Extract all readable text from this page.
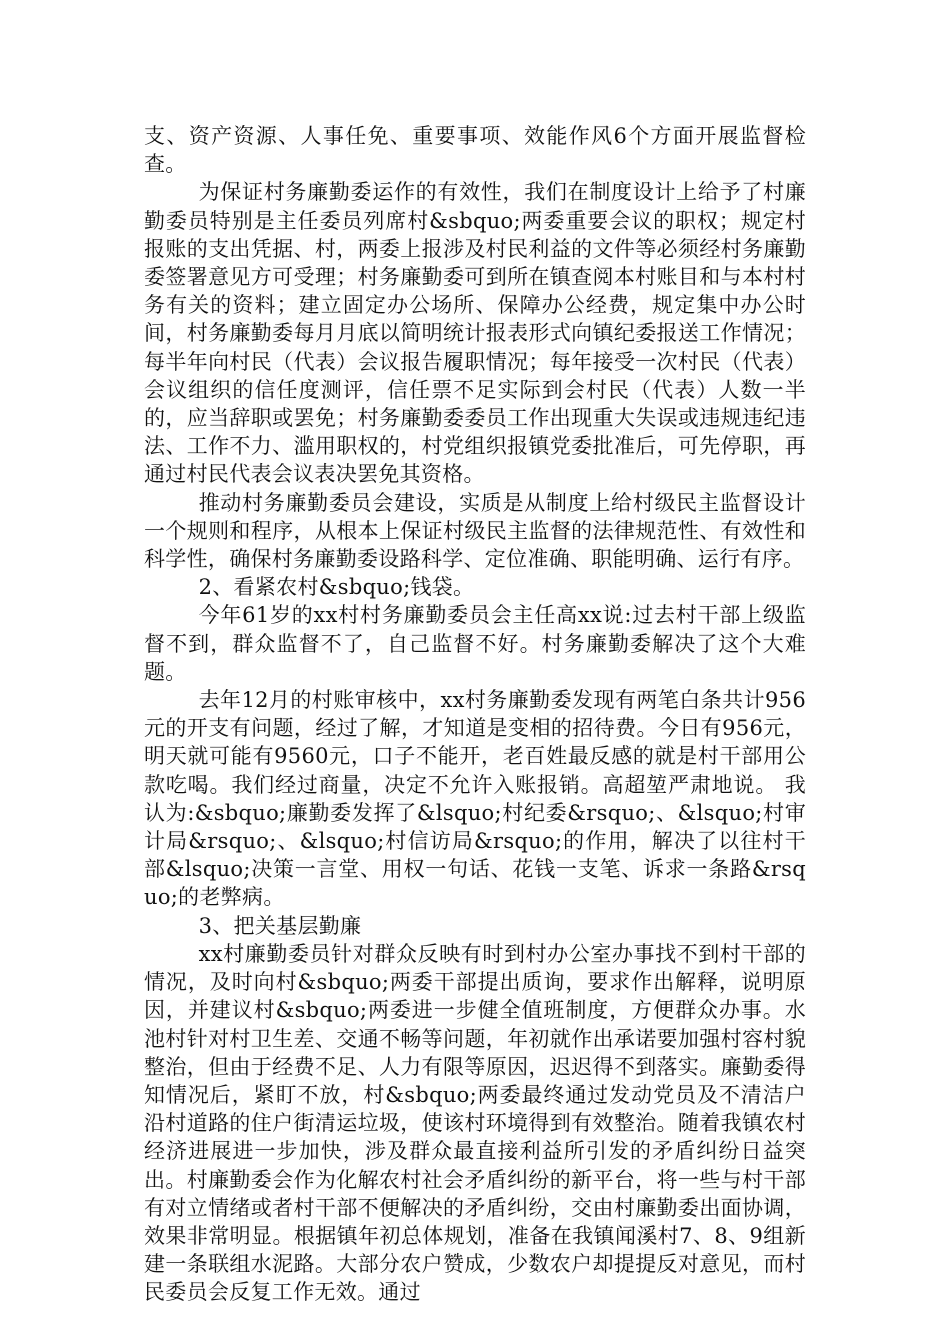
支、资产资源、人事任免、重要事项、效能作风6个方面开展监督检查。

为保证村务廉勤委运作的有效性，我们在制度设计上给予了村廉勤委员特别是主任委员列席村&sbquo;两委重要会议的职权；规定村报账的支出凭据、村，两委上报涉及村民利益的文件等必须经村务廉勤委签署意见方可受理；村务廉勤委可到所在镇查阅本村账目和与本村村务有关的资料；建立固定办公场所、保障办公经费，规定集中办公时间，村务廉勤委每月月底以简明统计报表形式向镇纪委报送工作情况；每半年向村民（代表）会议报告履职情况；每年接受一次村民（代表）会议组织的信任度测评，信任票不足实际到会村民（代表）人数一半的，应当辞职或罢免；村务廉勤委委员工作出现重大失误或违规违纪违法、工作不力、滥用职权的，村党组织报镇党委批准后，可先停职，再通过村民代表会议表决罢免其资格。

推动村务廉勤委员会建设，实质是从制度上给村级民主监督设计一个规则和程序，从根本上保证村级民主监督的法律规范性、有效性和科学性，确保村务廉勤委设路科学、定位准确、职能明确、运行有序。

2、看紧农村&sbquo;钱袋。

今年61岁的xx村村务廉勤委员会主任高xx说:过去村干部上级监督不到，群众监督不了，自己监督不好。村务廉勤委解决了这个大难题。

去年12月的村账审核中，xx村务廉勤委发现有两笔白条共计956元的开支有问题，经过了解，才知道是变相的招待费。今日有956元，明天就可能有9560元，口子不能开，老百姓最反感的就是村干部用公款吃喝。我们经过商量，决定不允许入账报销。高超堃严肃地说。 我认为:&sbquo;廉勤委发挥了&lsquo;村纪委&rsquo;、&lsquo;村审计局&rsquo;、&lsquo;村信访局&rsquo;的作用，解决了以往村干部&lsquo;决策一言堂、用权一句话、花钱一支笔、诉求一条路&rsquo;的老弊病。

3、把关基层勤廉

xx村廉勤委员针对群众反映有时到村办公室办事找不到村干部的情况，及时向村&sbquo;两委干部提出质询，要求作出解释，说明原因，并建议村&sbquo;两委进一步健全值班制度，方便群众办事。水池村针对村卫生差、交通不畅等问题，年初就作出承诺要加强村容村貌整治，但由于经费不足、人力有限等原因，迟迟得不到落实。廉勤委得知情况后，紧盯不放，村&sbquo;两委最终通过发动党员及不清洁户沿村道路的住户街清运垃圾，使该村环境得到有效整治。随着我镇农村经济进展进一步加快，涉及群众最直接利益所引发的矛盾纠纷日益突出。村廉勤委会作为化解农村社会矛盾纠纷的新平台，将一些与村干部有对立情绪或者村干部不便解决的矛盾纠纷，交由村廉勤委出面协调，效果非常明显。根据镇年初总体规划，准备在我镇闻溪村7、8、9组新建一条联组水泥路。大部分农户赞成，少数农户却提提反对意见，而村民委员会反复工作无效。通过
